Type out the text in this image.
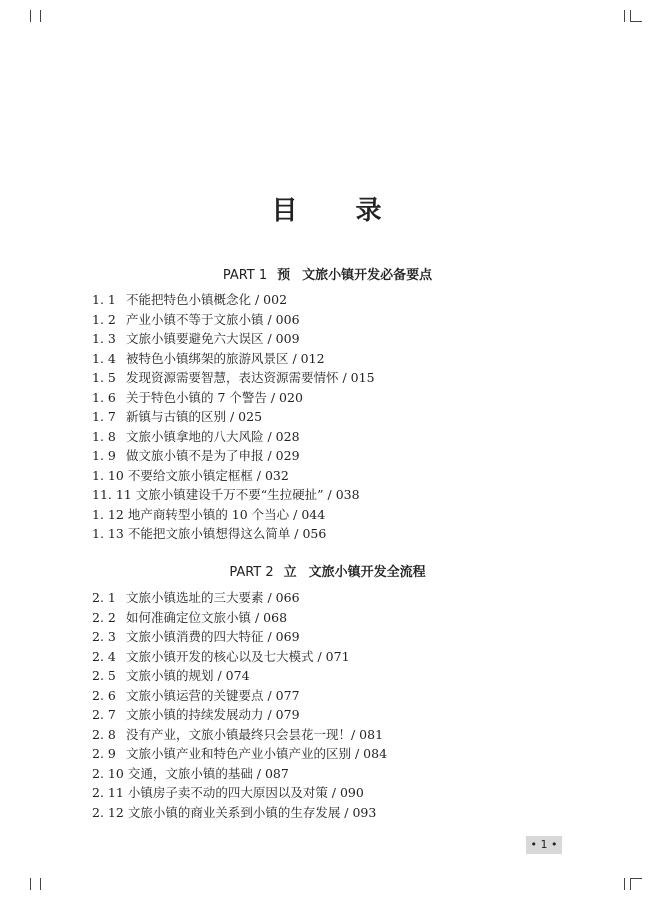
目 录
PART 1 预 文旅小镇开发必备要点
1. 1 不能把特色小镇概念化 / 002
1. 2 产业小镇不等于文旅小镇 / 006
1. 3 文旅小镇要避免六大误区 / 009
1. 4 被特色小镇绑架的旅游风景区 / 012
1. 5 发现资源需要智慧，表达资源需要情怀 / 015
1. 6 关于特色小镇的 7 个警告 / 020
1. 7 新镇与古镇的区别 / 025
1. 8 文旅小镇拿地的八大风险 / 028
1. 9 做文旅小镇不是为了申报 / 029
1. 10 不要给文旅小镇定框框 / 032
11. 11 文旅小镇建设千万不要“生拉硬扯” / 038
1. 12 地产商转型小镇的 10 个当心 / 044
1. 13 不能把文旅小镇想得这么简单 / 056
PART 2 立 文旅小镇开发全流程
2. 1 文旅小镇选址的三大要素 / 066
2. 2 如何准确定位文旅小镇 / 068
2. 3 文旅小镇消费的四大特征 / 069
2. 4 文旅小镇开发的核心以及七大模式 / 071
2. 5 文旅小镇的规划 / 074
2. 6 文旅小镇运营的关键要点 / 077
2. 7 文旅小镇的持续发展动力 / 079
2. 8 没有产业，文旅小镇最终只会昙花一现！/ 081
2. 9 文旅小镇产业和特色产业小镇产业的区别 / 084
2. 10 交通，文旅小镇的基础 / 087
2. 11 小镇房子卖不动的四大原因以及对策 / 090
2. 12 文旅小镇的商业关系到小镇的生存发展 / 093
• 1 •
